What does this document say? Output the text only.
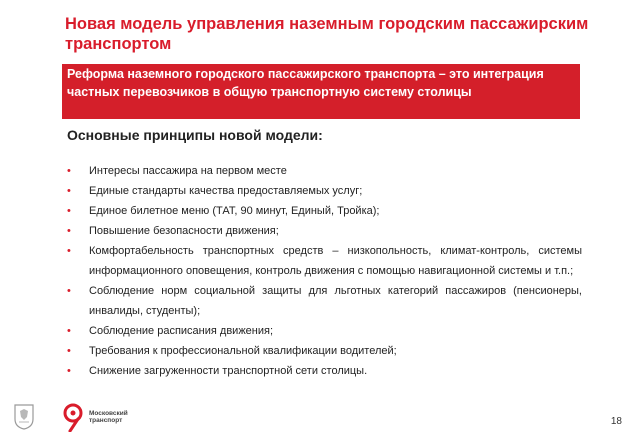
Новая модель управления наземным городским пассажирским транспортом
Реформа наземного городского пассажирского транспорта – это интеграция частных перевозчиков в общую транспортную систему столицы
Основные принципы новой модели:
• Интересы пассажира на первом месте
• Единые стандарты качества предоставляемых услуг;
• Единое билетное меню (ТАТ, 90 минут, Единый, Тройка);
• Повышение безопасности движения;
• Комфортабельность транспортных средств – низкопольность, климат-контроль, системы информационного оповещения, контроль движения с помощью навигационной системы и т.п.;
• Соблюдение норм социальной защиты для льготных категорий пассажиров (пенсионеры, инвалиды, студенты);
• Соблюдение расписания движения;
• Требования к профессиональной квалификации водителей;
• Снижение загруженности транспортной сети столицы.
Московский
транспорт	18
